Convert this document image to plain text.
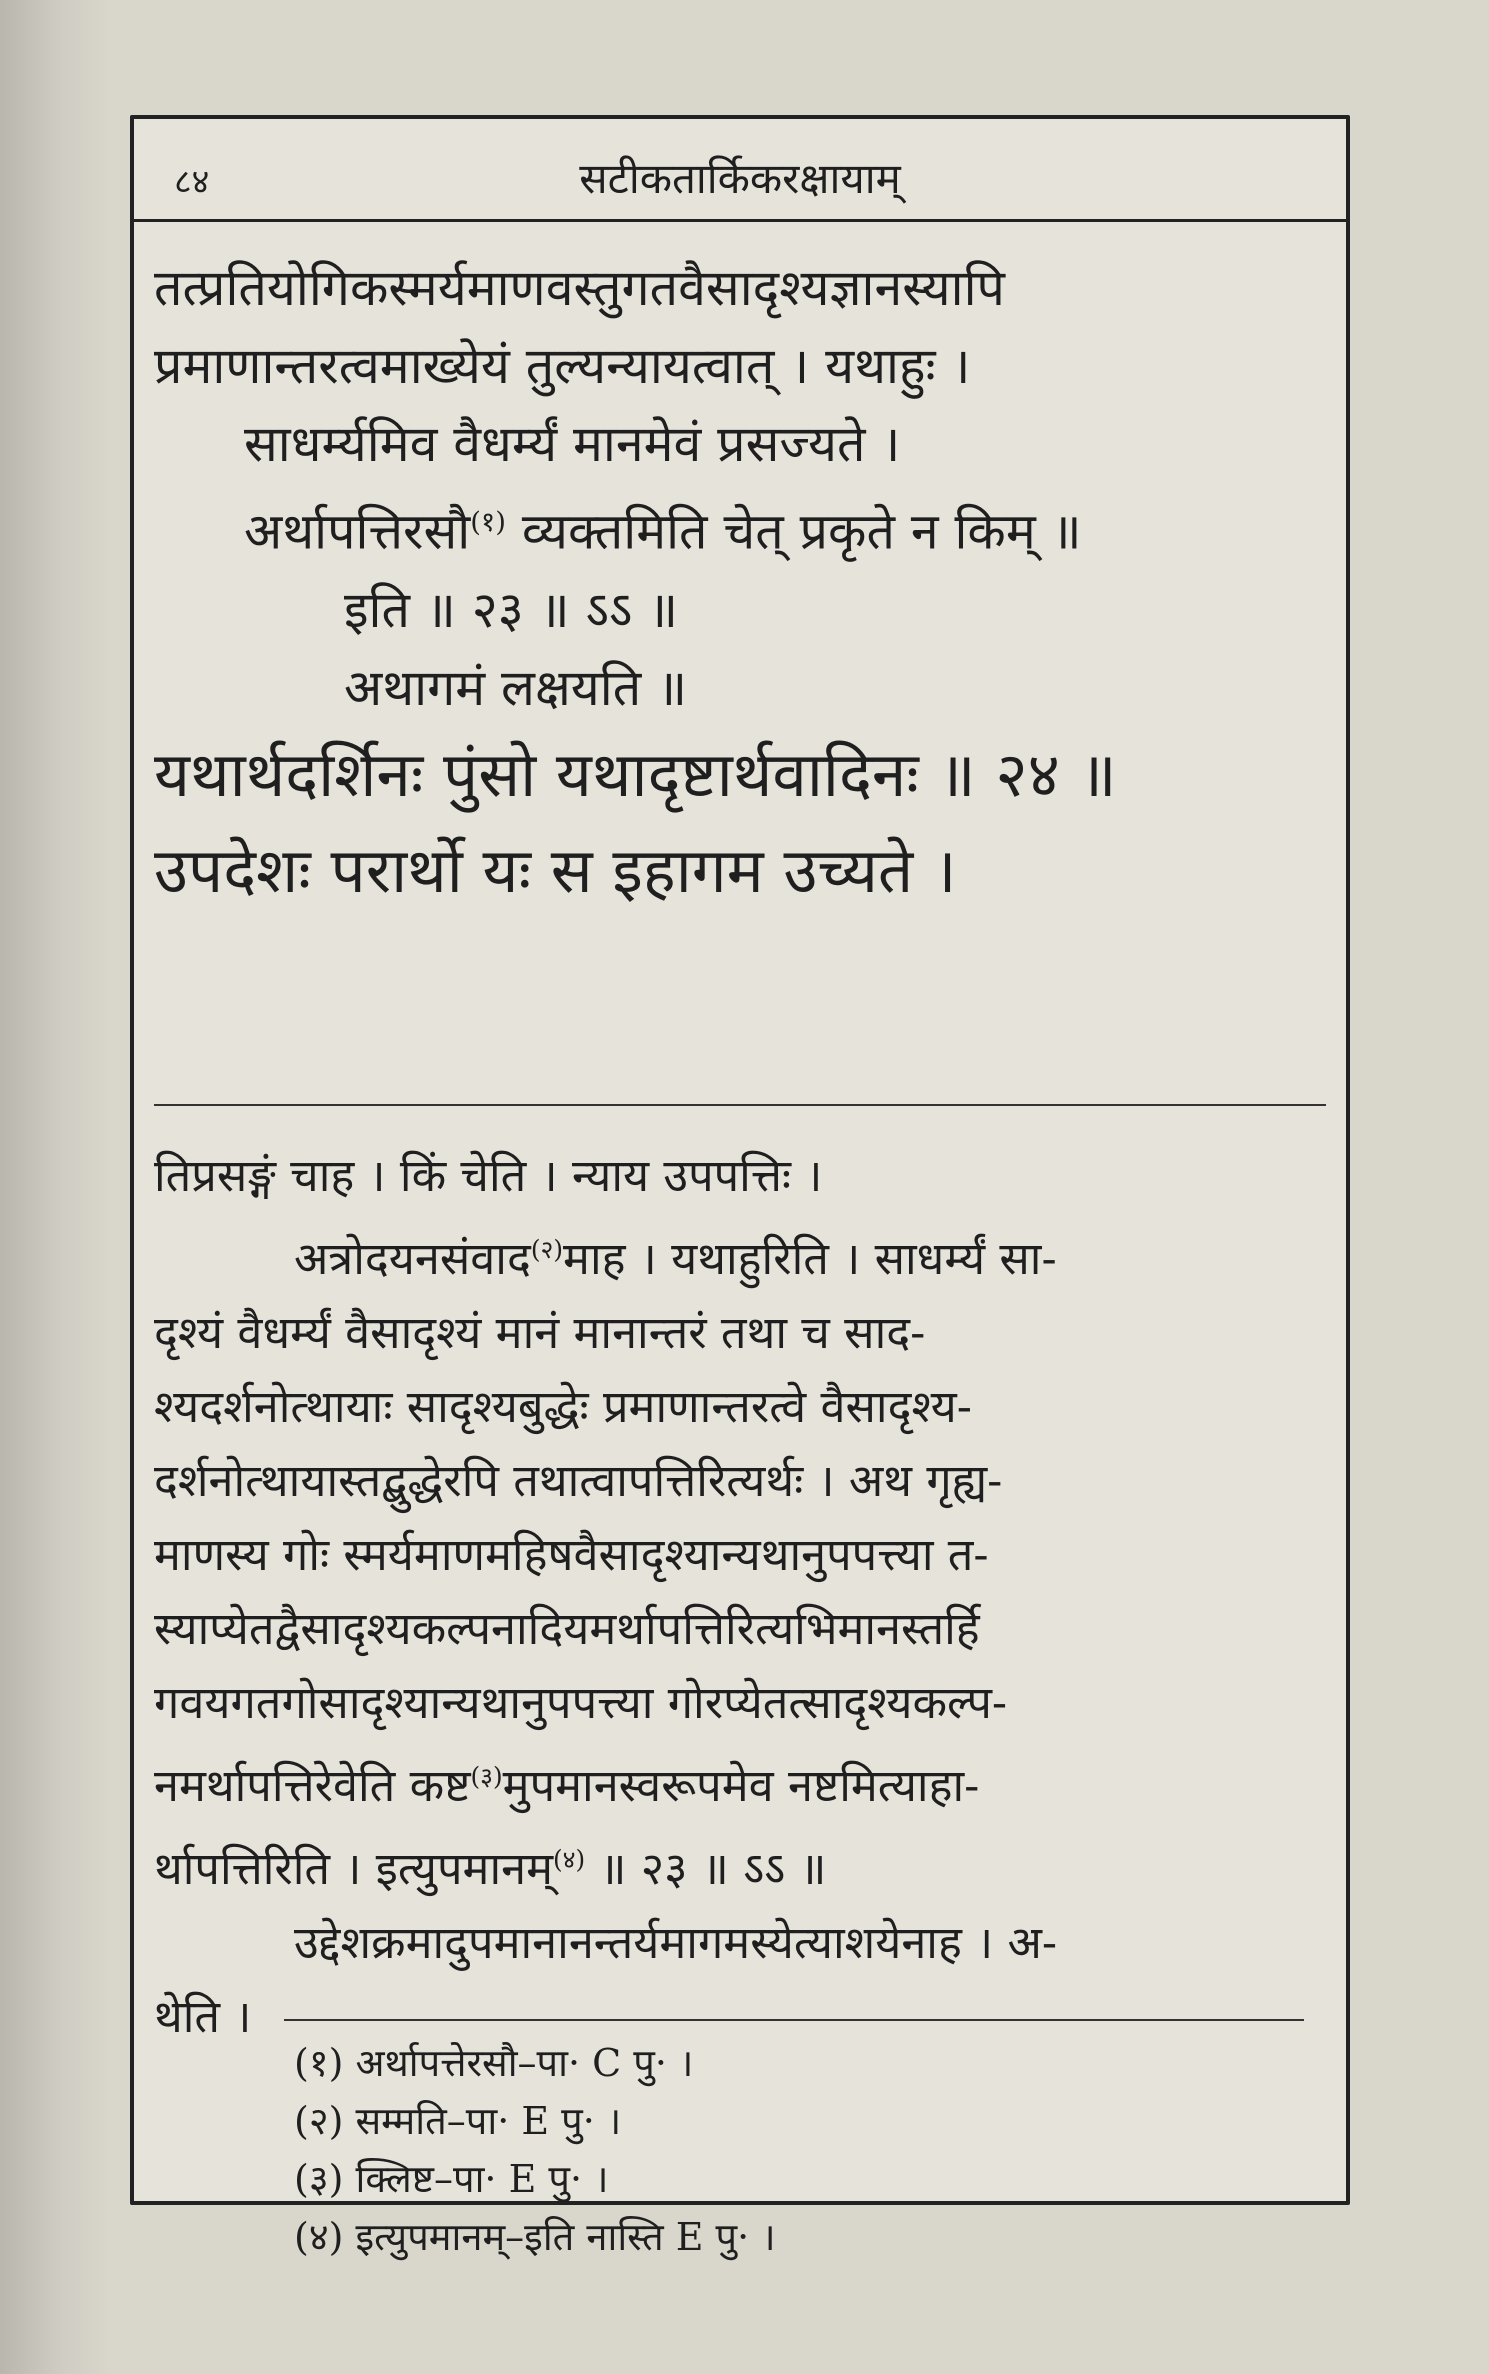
८४	सटीकतार्किकरक्षायाम्
तत्प्रतियोगिकस्मर्यमाणवस्तुगतवैसादृश्यज्ञानस्यापि
प्रमाणान्तरत्वमाख्येयं तुल्यन्यायत्वात् । यथाहुः ।
साधर्म्यमिव वैधर्म्यं मानमेवं प्रसज्यते ।
अर्थापत्तिरसौ$^{(१)}$ व्यक्तमिति चेत् प्रकृते न किम् ॥
इति ॥ २३ ॥ ऽऽ ॥
अथागमं लक्षयति ॥
यथार्थदर्शिनः पुंसो यथादृष्टार्थवादिनः ॥ २४ ॥
उपदेशः परार्थो यः स इहागम उच्यते ।
तिप्रसङ्गं चाह । किं चेति । न्याय उपपत्तिः ।
अत्रोदयनसंवाद$^{(२)}$माह । यथाहुरिति । साधर्म्यं सा-
दृश्यं वैधर्म्यं वैसादृश्यं मानं मानान्तरं तथा च साद-
श्यदर्शनोत्थायाः सादृश्यबुद्धेः प्रमाणान्तरत्वे वैसादृश्य-
दर्शनोत्थायास्तद्बुद्धेरपि तथात्वापत्तिरित्यर्थः । अथ गृह्य-
माणस्य गोः स्मर्यमाणमहिषवैसादृश्यान्यथानुपपत्त्या त-
स्याप्येतद्वैसादृश्यकल्पनादियमर्थापत्तिरित्यभिमानस्तर्हि
गवयगतगोसादृश्यान्यथानुपपत्त्या गोरप्येतत्सादृश्यकल्प-
नमर्थापत्तिरेवेति कष्ट$^{(३)}$मुपमानस्वरूपमेव नष्टमित्याहा-
र्थापत्तिरिति । इत्युपमानम्$^{(४)}$ ॥ २३ ॥ ऽऽ ॥
उद्देशक्रमादुपमानानन्तर्यमागमस्येत्याशयेनाह । अ-
थेति ।
(१) अर्थापत्तेरसौ–पा· C पु· ।
(२) सम्मति–पा· E पु· ।
(३) क्लिष्ट–पा· E पु· ।
(४) इत्युपमानम्–इति नास्ति E पु· ।
